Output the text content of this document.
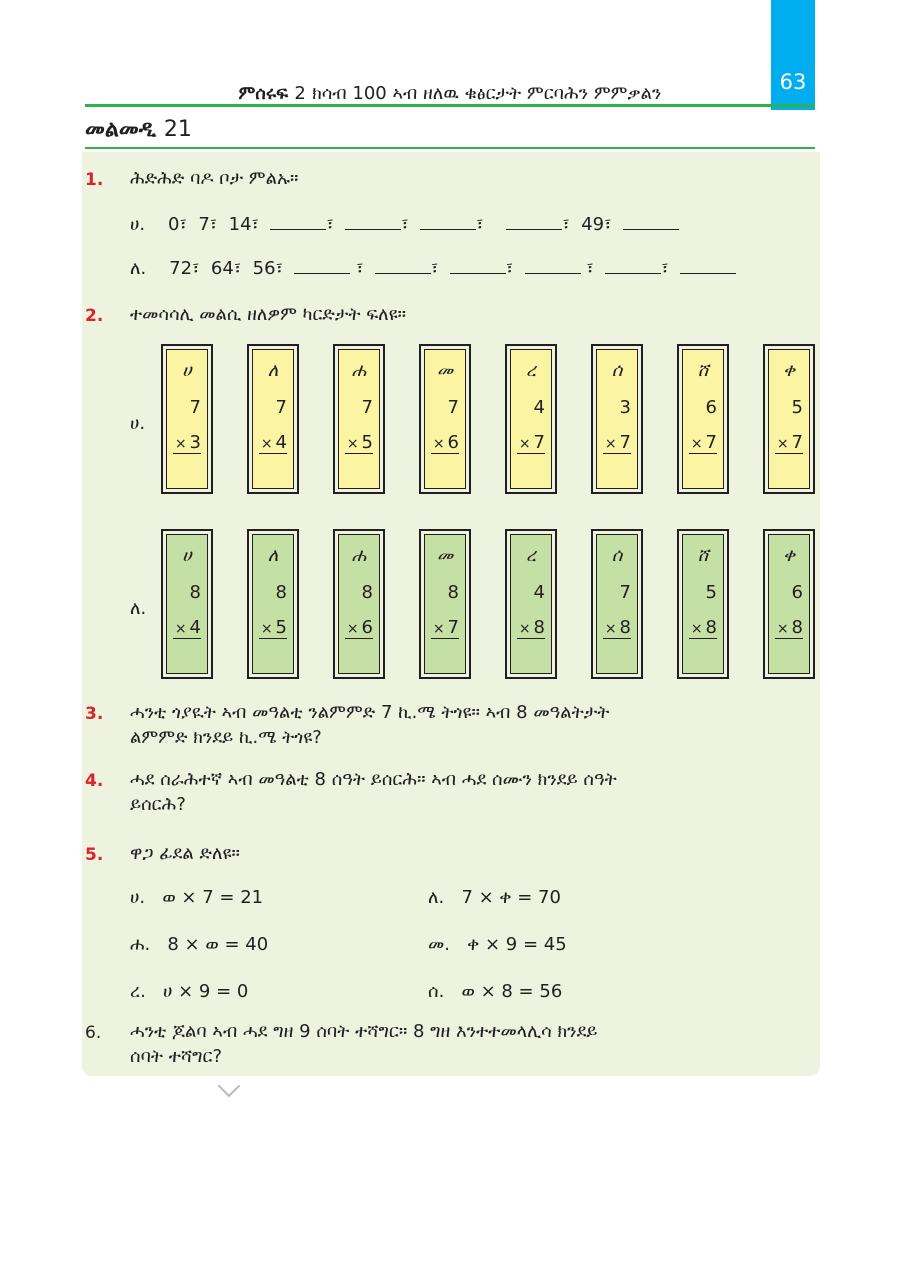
63
ምሰሩፍ 2 ክሳብ 100 ኣብ ዘለዉ ቁፅርታት ምርባሕን ምምቃልን
መልመዲ 21
1. ሕድሕድ ባዶ ቦታ ምልኡ።
ሀ. 0፣ 7፣ 14፣	፣	፣	፣	፣ 49፣
ለ. 72፣ 64፣ 56፣	፣	፣	፣	፣	፣
2. ተመሳሳሊ መልሲ ዘለዎም ካርድታት ፍለዩ።
ሀ.
ለ.
ሀ
7
× 3
ለ
7
× 4
ሐ
7
× 5
መ
7
× 6
ረ
4
× 7
ሰ
3
× 7
ሸ
6
× 7
ቀ
5
× 7
ሀ
8
× 4
ለ
8
× 5
ሐ
8
× 6
መ
8
× 7
ረ
4
× 8
ሰ
7
× 8
ሸ
5
× 8
ቀ
6
× 8
3. ሓንቲ ጎያዪት ኣብ መዓልቲ ንልምምድ 7 ኪ.ሜ ትጎዩ። ኣብ 8 መዓልትታት
ልምምድ ክንደይ ኪ.ሜ ትጎዩ?
4. ሓደ ሰራሕተኛ ኣብ መዓልቲ 8 ሰዓት ይሰርሕ። ኣብ ሓደ ሰሙን ክንደይ ሰዓት
ይሰርሕ?
5. ዋጋ ፊደል ድለዩ።
ሀ. ወ × 7 = 21	ለ. 7 × ቀ = 70
ሐ. 8 × ወ = 40	መ. ቀ × 9 = 45
ረ. ሀ × 9 = 0	ሰ. ወ × 8 = 56
6. ሓንቲ ጆልባ ኣብ ሓደ ግዘ 9 ሰባት ተሻግር። 8 ግዘ እንተተመላሊሳ ክንደይ
ሰባት ተሻግር?
